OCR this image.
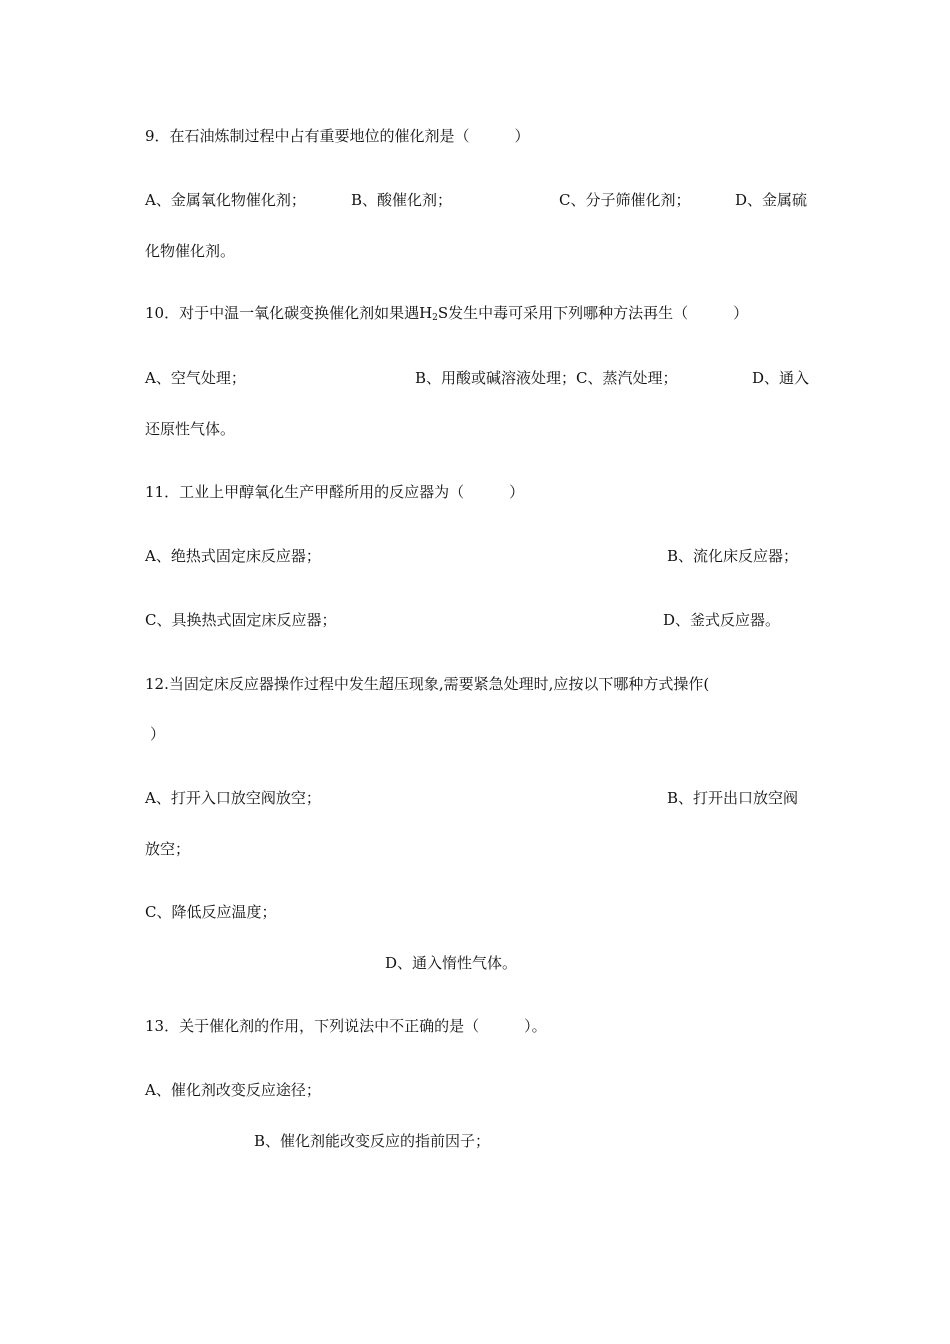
9．在石油炼制过程中占有重要地位的催化剂是（　　　）
A、金属氧化物催化剂；	B、酸催化剂；	C、分子筛催化剂；	D、金属硫
化物催化剂。
10．对于中温一氧化碳变换催化剂如果遇$H_2S$发生中毒可采用下列哪种方法再生（　　　）
A、空气处理；	B、用酸或碱溶液处理；C、蒸汽处理；	D、通入
还原性气体。
11．工业上甲醇氧化生产甲醛所用的反应器为（　　　）
A、绝热式固定床反应器；	B、流化床反应器；
C、具换热式固定床反应器；	D、釜式反应器。
12.当固定床反应器操作过程中发生超压现象,需要紧急处理时,应按以下哪种方式操作(
）
A、打开入口放空阀放空；	B、打开出口放空阀
放空；
C、降低反应温度；
D、通入惰性气体。
13．关于催化剂的作用，下列说法中不正确的是（　　　）。
A、催化剂改变反应途径；
B、催化剂能改变反应的指前因子；
